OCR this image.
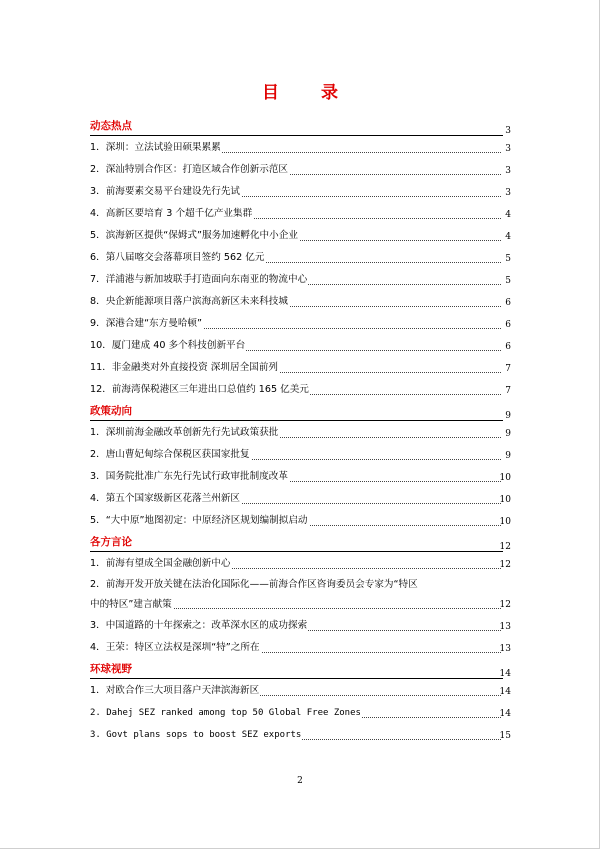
目 录
动态热点	3
1．深圳：立法试验田硕果累累	3
2．深汕特别合作区：打造区域合作创新示范区	3
3．前海要素交易平台建设先行先试	3
4．高新区要培育 3 个超千亿产业集群	4
5．滨海新区提供“保姆式”服务加速孵化中小企业	4
6．第八届喀交会落幕项目签约 562 亿元	5
7．洋浦港与新加坡联手打造面向东南亚的物流中心	5
8．央企新能源项目落户滨海高新区未来科技城	6
9．深港合建“东方曼哈顿”	6
10．厦门建成 40 多个科技创新平台	6
11．非金融类对外直接投资 深圳居全国前列	7
12．前海湾保税港区三年进出口总值约 165 亿美元	7
政策动向	9
1．深圳前海金融改革创新先行先试政策获批	9
2．唐山曹妃甸综合保税区获国家批复	9
3．国务院批准广东先行先试行政审批制度改革	10
4．第五个国家级新区花落兰州新区	10
5．“大中原”地图初定：中原经济区规划编制拟启动	10
各方言论	12
1．前海有望成全国金融创新中心	12
2．前海开发开放关键在法治化国际化——前海合作区咨询委员会专家为“特区
中的特区”建言献策	12
3．中国道路的十年探索之：改革深水区的成功探索	13
4．王荣：特区立法权是深圳“特”之所在	13
环球视野	14
1．对欧合作三大项目落户天津滨海新区	14
2. Dahej SEZ ranked among top 50 Global Free Zones	14
3. Govt plans sops to boost SEZ exports	15
2
